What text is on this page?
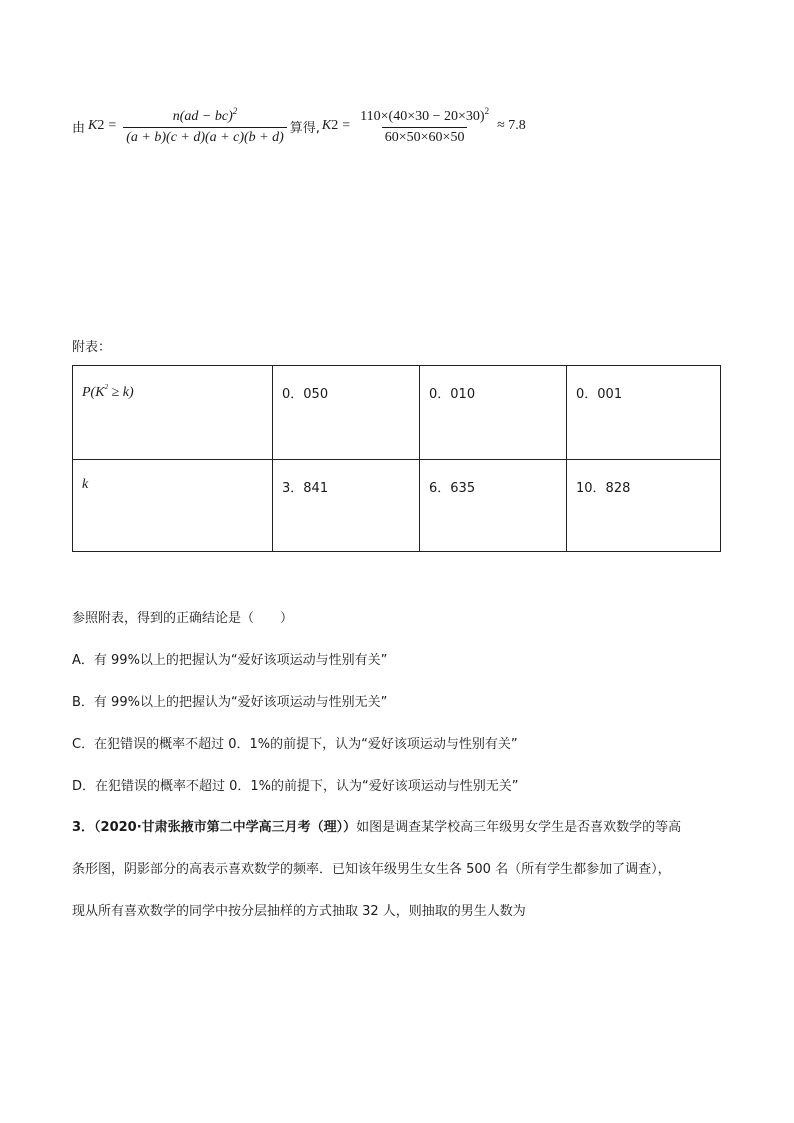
由 K $2 = \frac{n(ad - bc)^2}{(a + b)(c + d)(a + c)(b + d)}$ 算得, K $2 = \frac{110\times(40\times 30 - 20\times 30)^2}{60\times 50\times 60\times 50} \approx 7.8$
附表：
$P(K^2 \ge k)$	0．050	0．010	0．001

k	3．841	6．635	10．828
参照附表，得到的正确结论是（　　）
A．有 99%以上的把握认为“爱好该项运动与性别有关”
B．有 99%以上的把握认为“爱好该项运动与性别无关”
C．在犯错误的概率不超过 0．1%的前提下，认为“爱好该项运动与性别有关”
D．在犯错误的概率不超过 0．1%的前提下，认为“爱好该项运动与性别无关”
3．（2020·甘肃张掖市第二中学高三月考（理））如图是调查某学校高三年级男女学生是否喜欢数学的等高
条形图，阴影部分的高表示喜欢数学的频率．已知该年级男生女生各 500 名（所有学生都参加了调查），
现从所有喜欢数学的同学中按分层抽样的方式抽取 32 人，则抽取的男生人数为
